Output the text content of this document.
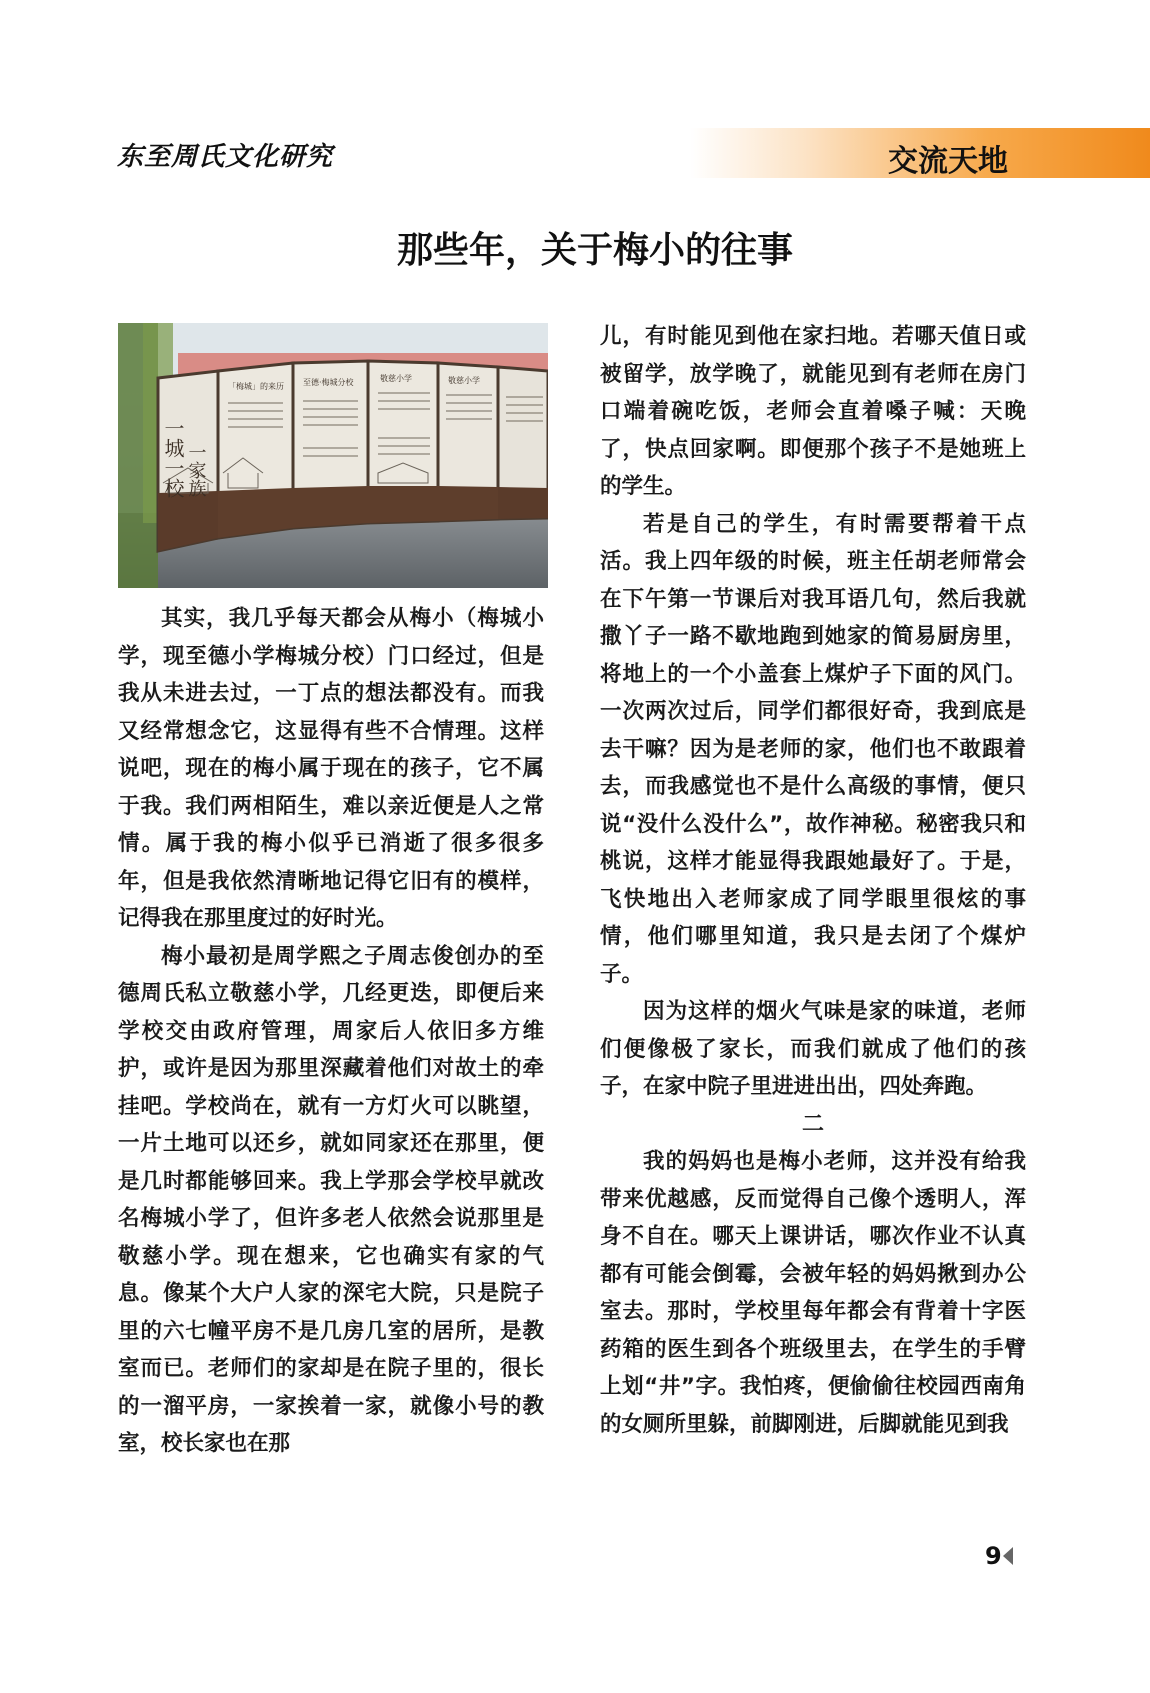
东至周氏文化研究	交流天地
那些年，关于梅小的往事
一城一校 一家族
「梅城」的来历 至德·梅城分校	敬慈小学	敬慈小学

其实，我几乎每天都会从梅小（梅城小学，现至德小学梅城分校）门口经过，但是我从未进去过，一丁点的想法都没有。而我又经常想念它，这显得有些不合情理。这样说吧，现在的梅小属于现在的孩子，它不属于我。我们两相陌生，难以亲近便是人之常情。属于我的梅小似乎已消逝了很多很多年，但是我依然清晰地记得它旧有的模样，记得我在那里度过的好时光。

梅小最初是周学熙之子周志俊创办的至德周氏私立敬慈小学，几经更迭，即便后来学校交由政府管理，周家后人依旧多方维护，或许是因为那里深藏着他们对故土的牵挂吧。学校尚在，就有一方灯火可以眺望，一片土地可以还乡，就如同家还在那里，便是几时都能够回来。我上学那会学校早就改名梅城小学了，但许多老人依然会说那里是敬慈小学。现在想来，它也确实有家的气息。像某个大户人家的深宅大院，只是院子里的六七幢平房不是几房几室的居所，是教室而已。老师们的家却是在院子里的，很长的一溜平房，一家挨着一家，就像小号的教室，校长家也在那

儿，有时能见到他在家扫地。若哪天值日或被留学，放学晚了，就能见到有老师在房门口端着碗吃饭，老师会直着嗓子喊：天晚了，快点回家啊。即便那个孩子不是她班上的学生。

若是自己的学生，有时需要帮着干点活。我上四年级的时候，班主任胡老师常会在下午第一节课后对我耳语几句，然后我就撒丫子一路不歇地跑到她家的简易厨房里，将地上的一个小盖套上煤炉子下面的风门。一次两次过后，同学们都很好奇，我到底是去干嘛？因为是老师的家，他们也不敢跟着去，而我感觉也不是什么高级的事情，便只说“没什么没什么”，故作神秘。秘密我只和桃说，这样才能显得我跟她最好了。于是，飞快地出入老师家成了同学眼里很炫的事情，他们哪里知道，我只是去闭了个煤炉子。

因为这样的烟火气味是家的味道，老师们便像极了家长，而我们就成了他们的孩子，在家中院子里进进出出，四处奔跑。

二

我的妈妈也是梅小老师，这并没有给我带来优越感，反而觉得自己像个透明人，浑身不自在。哪天上课讲话，哪次作业不认真都有可能会倒霉，会被年轻的妈妈揪到办公室去。那时，学校里每年都会有背着十字医药箱的医生到各个班级里去，在学生的手臂上划“井”字。我怕疼，便偷偷往校园西南角的女厕所里躲，前脚刚进，后脚就能见到我

9
